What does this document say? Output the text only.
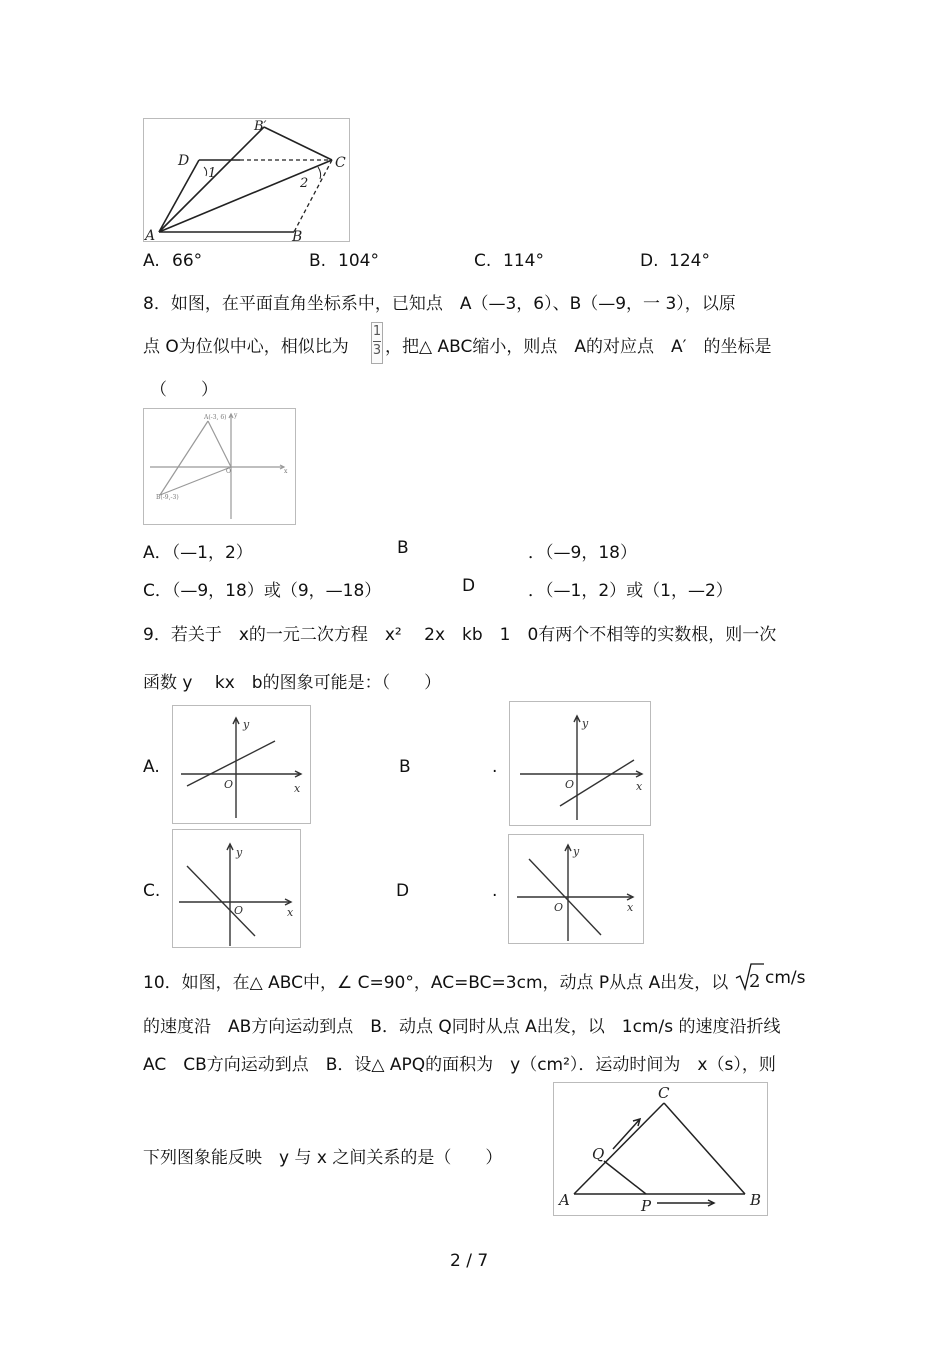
B′
D	C
1
2
A	B
A. 66°	B. 104°	C. 114°	D. 124°
8．如图，在平面直角坐标系中，已知点　A（—3，6）、B（—9，一 3），以原
点 O为位似中心，相似比为
1
3 ，把△ ABC缩小，则点　A的对应点　A′　的坐标是
（　　）
A(-3, 6)
B(-9,-3)
O	x
y
A．（—1，2）	B	．（—9，18）
C．（—9，18）或（9，—18）	D	．（—1，2）或（1，—2）
9．若关于　x的一元二次方程　x² 　2x　kb　1　0有两个不相等的实数根，则一次
函数 y　 kx　b的图象可能是：（　　）
A.
y
O	x
B	.
y
O	x
C.
y
O	x
D	.
y
O	x
10．如图，在△ ABC中，∠ C=90°，AC=BC=3cm，动点 P从点 A出发，以 2 cm/s
的速度沿　AB方向运动到点　B．动点 Q同时从点 A出发，以　1cm/s 的速度沿折线
AC　CB方向运动到点　B．设△ APQ的面积为　y（cm²）．运动时间为　x（s），则
下列图象能反映　y 与 x 之间关系的是（　　）
C
Q
A	P	B
2 / 7
